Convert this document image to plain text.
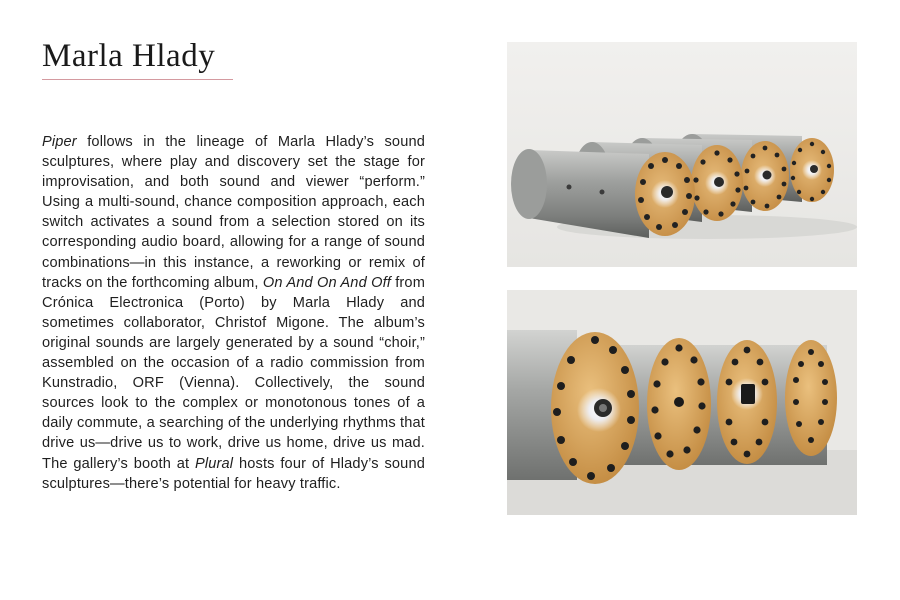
Marla Hlady

Piper follows in the lineage of Marla Hlady’s sound sculptures, where play and discovery set the stage for improvisation, and both sound and viewer “perform.” Using a multi-sound, chance composition approach, each switch activates a sound from a selection stored on its corresponding audio board, allowing for a range of sound combinations—in this instance, a reworking or remix of tracks on the forthcoming album, On And On And Off from Crónica Electronica (Porto) by Marla Hlady and sometimes collaborator, Christof Migone. The album’s original sounds are largely generated by a sound “choir,” assembled on the occasion of a radio commission from Kunstradio, ORF (Vienna). Collectively, the sound sources look to the complex or monotonous tones of a daily commute, a searching of the underlying rhythms that drive us—drive us to work, drive us home, drive us mad. The gallery’s booth at Plural hosts four of Hlady’s sound sculptures—there’s potential for heavy traffic.
